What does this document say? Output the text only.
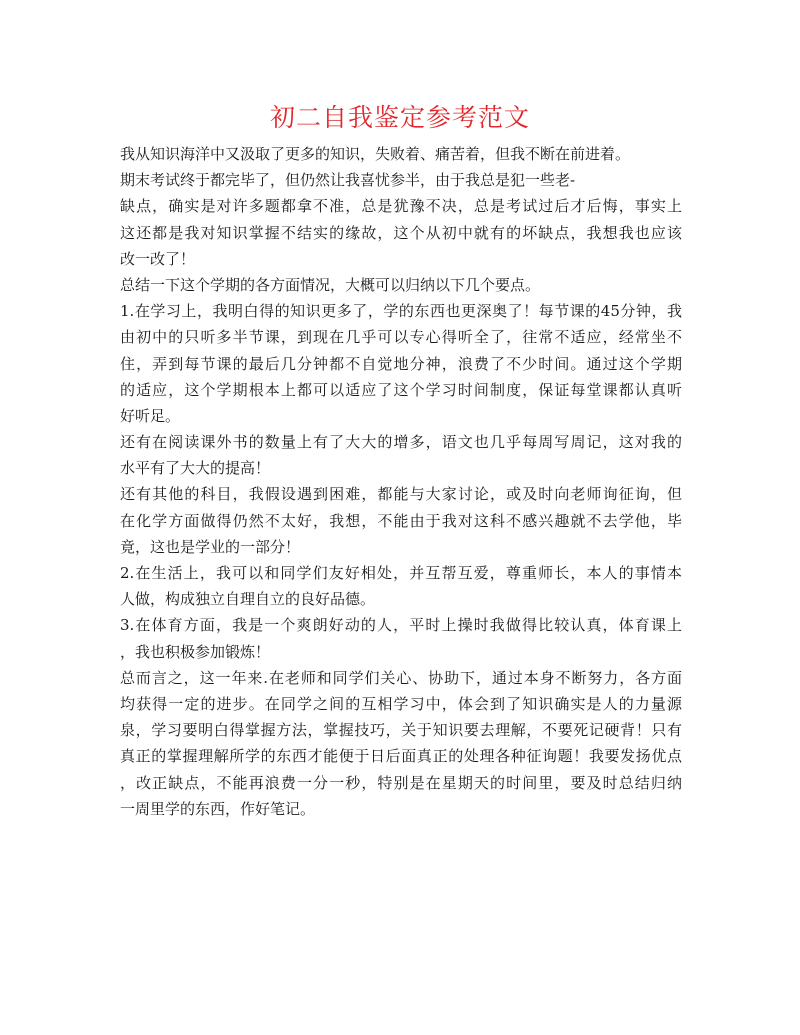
初二自我鉴定参考范文
我从知识海洋中又汲取了更多的知识，失败着、痛苦着，但我不断在前进着。
期末考试终于都完毕了，但仍然让我喜忧参半，由于我总是犯一些老-
缺点，确实是对许多题都拿不准，总是犹豫不决，总是考试过后才后悔，事实上
这还都是我对知识掌握不结实的缘故，这个从初中就有的坏缺点，我想我也应该
改一改了！
总结一下这个学期的各方面情况，大概可以归纳以下几个要点。
1.在学习上，我明白得的知识更多了，学的东西也更深奥了！每节课的45分钟，我
由初中的只听多半节课，到现在几乎可以专心得听全了，往常不适应，经常坐不
住，弄到每节课的最后几分钟都不自觉地分神，浪费了不少时间。通过这个学期
的适应，这个学期根本上都可以适应了这个学习时间制度，保证每堂课都认真听
好听足。
还有在阅读课外书的数量上有了大大的增多，语文也几乎每周写周记，这对我的
水平有了大大的提高！
还有其他的科目，我假设遇到困难，都能与大家讨论，或及时向老师询征询，但
在化学方面做得仍然不太好，我想，不能由于我对这科不感兴趣就不去学他，毕
竟，这也是学业的一部分！
2.在生活上，我可以和同学们友好相处，并互帮互爱，尊重师长，本人的事情本
人做，构成独立自理自立的良好品德。
3.在体育方面，我是一个爽朗好动的人，平时上操时我做得比较认真，体育课上
，我也积极参加锻炼！
总而言之，这一年来.在老师和同学们关心、协助下，通过本身不断努力，各方面
均获得一定的进步。在同学之间的互相学习中，体会到了知识确实是人的力量源
泉，学习要明白得掌握方法，掌握技巧，关于知识要去理解，不要死记硬背！只有
真正的掌握理解所学的东西才能便于日后面真正的处理各种征询题！我要发扬优点
，改正缺点，不能再浪费一分一秒，特别是在星期天的时间里，要及时总结归纳
一周里学的东西，作好笔记。
